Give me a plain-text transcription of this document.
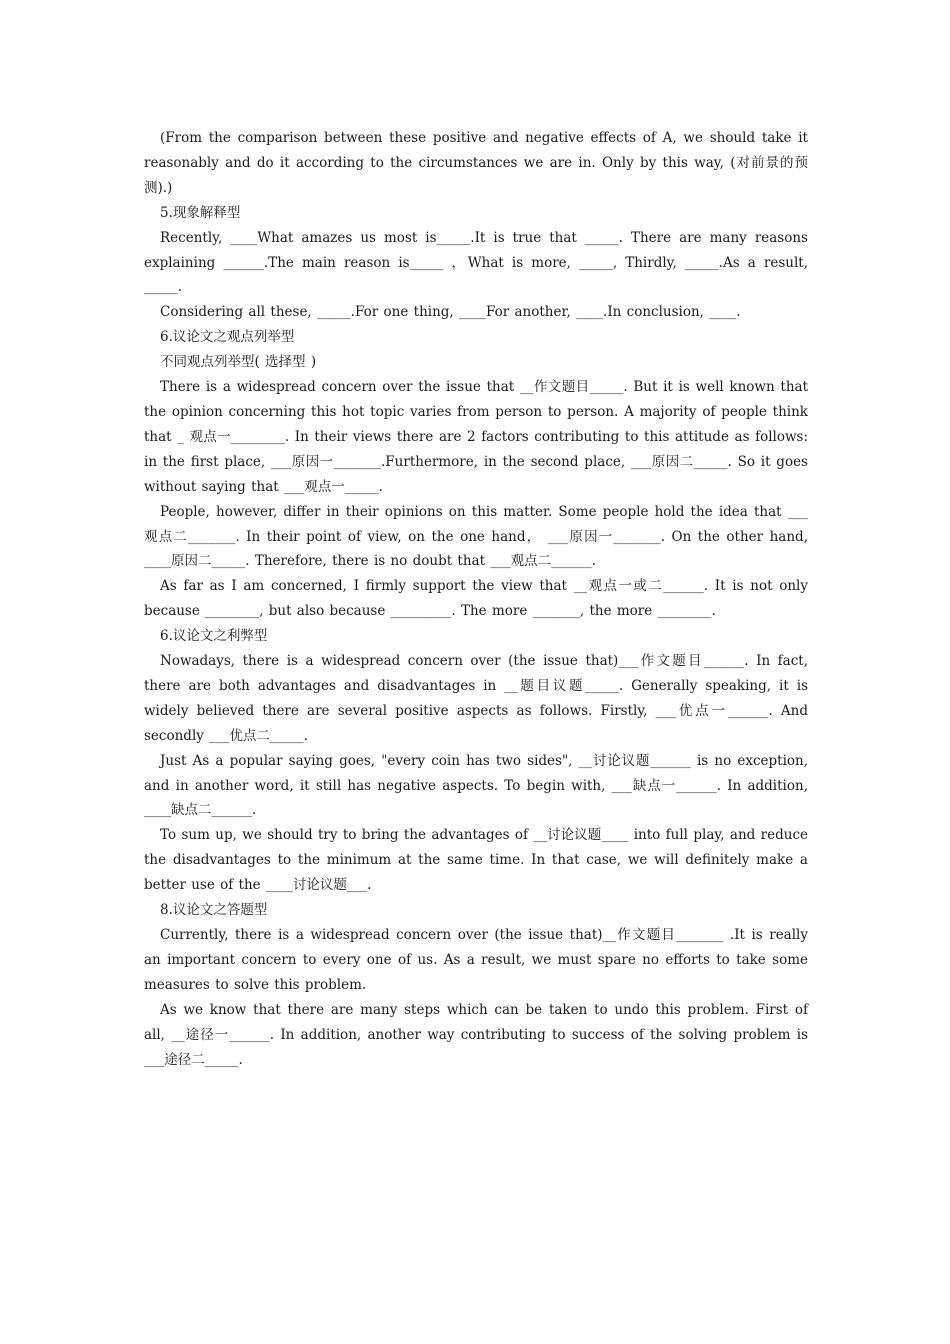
(From the comparison between these positive and negative effects of A, we should take it reasonably and do it according to the circumstances we are in. Only by this way, (对前景的预测).)

5.现象解释型

Recently, ____What amazes us most is_____.It is true that _____. There are many reasons explaining ______.The main reason is_____ ，What is more, _____, Thirdly, _____.As a result, _____.

Considering all these, _____.For one thing, ____For another, ____.In conclusion, ____.

6.议论文之观点列举型

不同观点列举型( 选择型 )

There is a widespread concern over the issue that __作文题目_____. But it is well known that the opinion concerning this hot topic varies from person to person. A majority of people think that _ 观点一________. In their views there are 2 factors contributing to this attitude as follows: in the first place, ___原因一_______.Furthermore, in the second place, ___原因二_____. So it goes without saying that ___观点一_____.

People, however, differ in their opinions on this matter. Some people hold the idea that ___观点二_______. In their point of view, on the one hand， ___原因一_______. On the other hand, ____原因二_____. Therefore, there is no doubt that ___观点二______.

As far as I am concerned, I firmly support the view that __观点一或二______. It is not only because ________, but also because _________. The more _______, the more ________.

6.议论文之利弊型

Nowadays, there is a widespread concern over (the issue that)___作文题目______. In fact, there are both advantages and disadvantages in __题目议题_____. Generally speaking, it is widely believed there are several positive aspects as follows. Firstly, ___优点一______. And secondly ___优点二_____.

Just As a popular saying goes, "every coin has two sides", __讨论议题______ is no exception, and in another word, it still has negative aspects. To begin with, ___缺点一______. In addition, ____缺点二______.

To sum up, we should try to bring the advantages of __讨论议题____ into full play, and reduce the disadvantages to the minimum at the same time. In that case, we will definitely make a better use of the ____讨论议题___.

8.议论文之答题型

Currently, there is a widespread concern over (the issue that)__作文题目_______ .It is really an important concern to every one of us. As a result, we must spare no efforts to take some measures to solve this problem.

As we know that there are many steps which can be taken to undo this problem. First of all, __途径一______. In addition, another way contributing to success of the solving problem is ___途径二_____.
